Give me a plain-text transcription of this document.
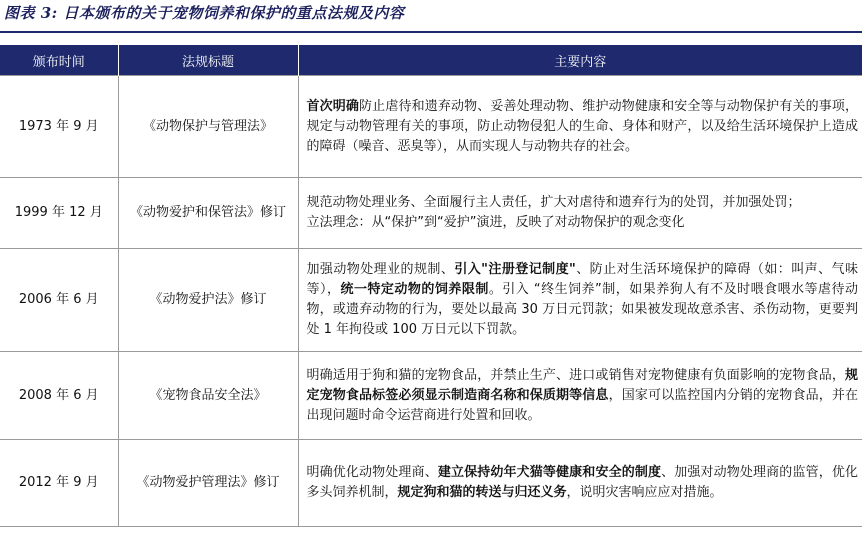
图表 3: 日本颁布的关于宠物饲养和保护的重点法规及内容
颁布时间	法规标题	主要内容
1973 年 9 月	《动物保护与管理法》	首次明确防止虐待和遗弃动物、妥善处理动物、维护动物健康和安全等与动物保护有关的事项，规定与动物管理有关的事项，防止动物侵犯人的生命、身体和财产，以及给生活环境保护上造成的障碍（噪音、恶臭等），从而实现人与动物共存的社会。
1999 年 12 月	《动物爱护和保管法》修订	规范动物处理业务、全面履行主人责任，扩大对虐待和遗弃行为的处罚，并加强处罚；
立法理念：从“保护”到“爱护”演进，反映了对动物保护的观念变化

2006 年 6 月	《动物爱护法》修订	加强动物处理业的规制、引入"注册登记制度"、防止对生活环境保护的障碍（如：叫声、气味等），统一特定动物的饲养限制。引入 “终生饲养”制，如果养狗人有不及时喂食喂水等虐待动物，或遗弃动物的行为，要处以最高 30 万日元罚款；如果被发现故意杀害、杀伤动物，更要判处 1 年拘役或 100 万日元以下罚款。
2008 年 6 月	《宠物食品安全法》	明确适用于狗和猫的宠物食品，并禁止生产、进口或销售对宠物健康有负面影响的宠物食品，规定宠物食品标签必须显示制造商名称和保质期等信息，国家可以监控国内分销的宠物食品，并在出现问题时命令运营商进行处置和回收。
2012 年 9 月	《动物爱护管理法》修订	明确优化动物处理商、建立保持幼年犬猫等健康和安全的制度、加强对动物处理商的监管，优化多头饲养机制，规定狗和猫的转送与归还义务，说明灾害响应应对措施。
